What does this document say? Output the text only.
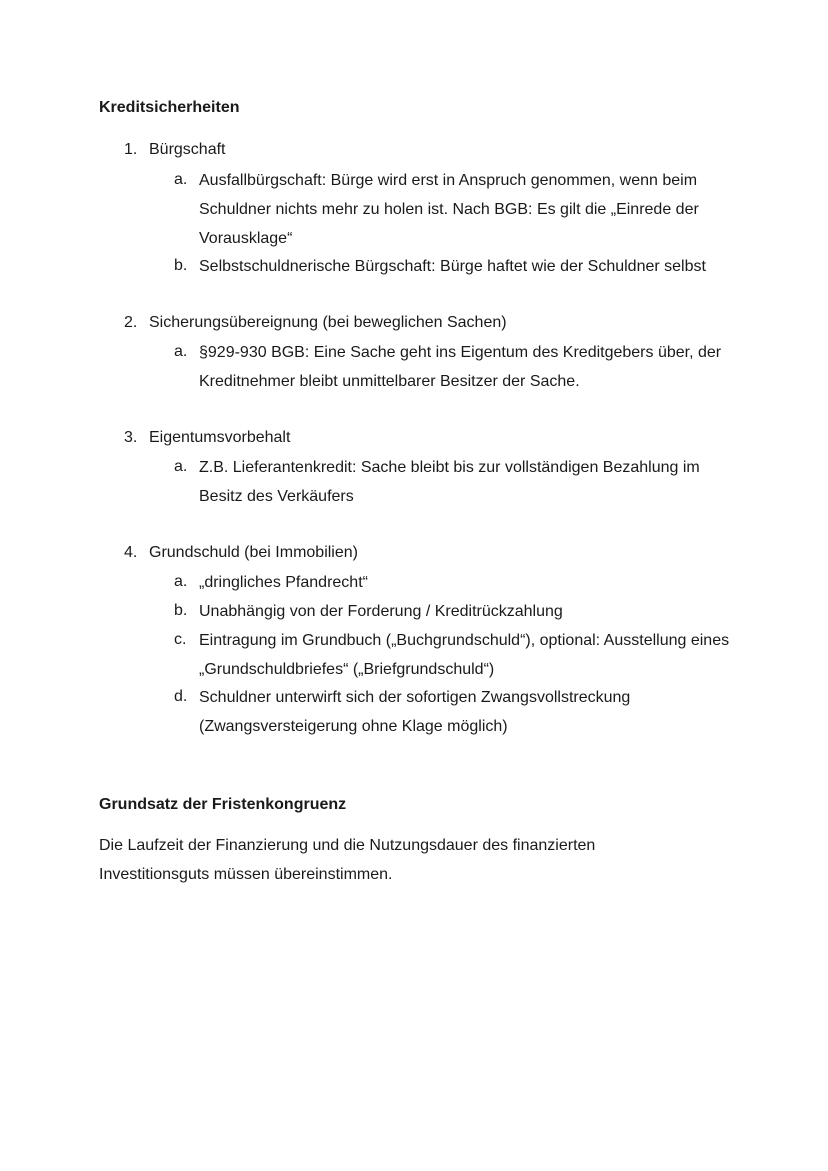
Kreditsicherheiten
1. Bürgschaft
a. Ausfallbürgschaft: Bürge wird erst in Anspruch genommen, wenn beim Schuldner nichts mehr zu holen ist. Nach BGB: Es gilt die „Einrede der Vorausklage“
b. Selbstschuldnerische Bürgschaft: Bürge haftet wie der Schuldner selbst
2. Sicherungsübereignung (bei beweglichen Sachen)
a. §929-930 BGB: Eine Sache geht ins Eigentum des Kreditgebers über, der Kreditnehmer bleibt unmittelbarer Besitzer der Sache.
3. Eigentumsvorbehalt
a. Z.B. Lieferantenkredit: Sache bleibt bis zur vollständigen Bezahlung im Besitz des Verkäufers
4. Grundschuld (bei Immobilien)
a. „dringliches Pfandrecht“
b. Unabhängig von der Forderung / Kreditrückzahlung
c. Eintragung im Grundbuch („Buchgrundschuld“), optional: Ausstellung eines „Grundschuldbriefes“ („Briefgrundschuld“)
d. Schuldner unterwirft sich der sofortigen Zwangsvollstreckung (Zwangsversteigerung ohne Klage möglich)
Grundsatz der Fristenkongruenz

Die Laufzeit der Finanzierung und die Nutzungsdauer des finanzierten Investitionsguts müssen übereinstimmen.
